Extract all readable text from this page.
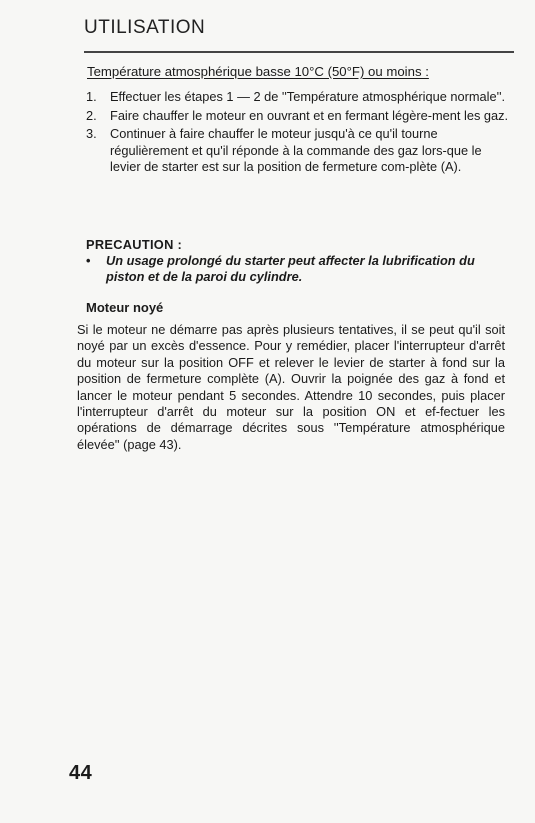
UTILISATION
Température atmosphérique basse 10°C (50°F) ou moins :
1.	Effectuer les étapes 1 — 2 de ''Température atmosphérique normale''.
2.	Faire chauffer le moteur en ouvrant et en fermant légère-ment les gaz.
3.	Continuer à faire chauffer le moteur jusqu'à ce qu'il tourne régulièrement et qu'il réponde à la commande des gaz lors-que le levier de starter est sur la position de fermeture com-plète (A).
PRECAUTION :
•	Un usage prolongé du starter peut affecter la lubrification du piston et de la paroi du cylindre.
Moteur noyé
Si le moteur ne démarre pas après plusieurs tentatives, il se peut qu'il soit noyé par un excès d'essence. Pour y remédier, placer l'interrupteur d'arrêt du moteur sur la position OFF et relever le levier de starter à fond sur la position de fermeture complète (A). Ouvrir la poignée des gaz à fond et lancer le moteur pendant 5 secondes. Attendre 10 secondes, puis placer l'interrupteur d'arrêt du moteur sur la position ON et ef-fectuer les opérations de démarrage décrites sous ''Température atmosphérique élevée'' (page 43).
44
